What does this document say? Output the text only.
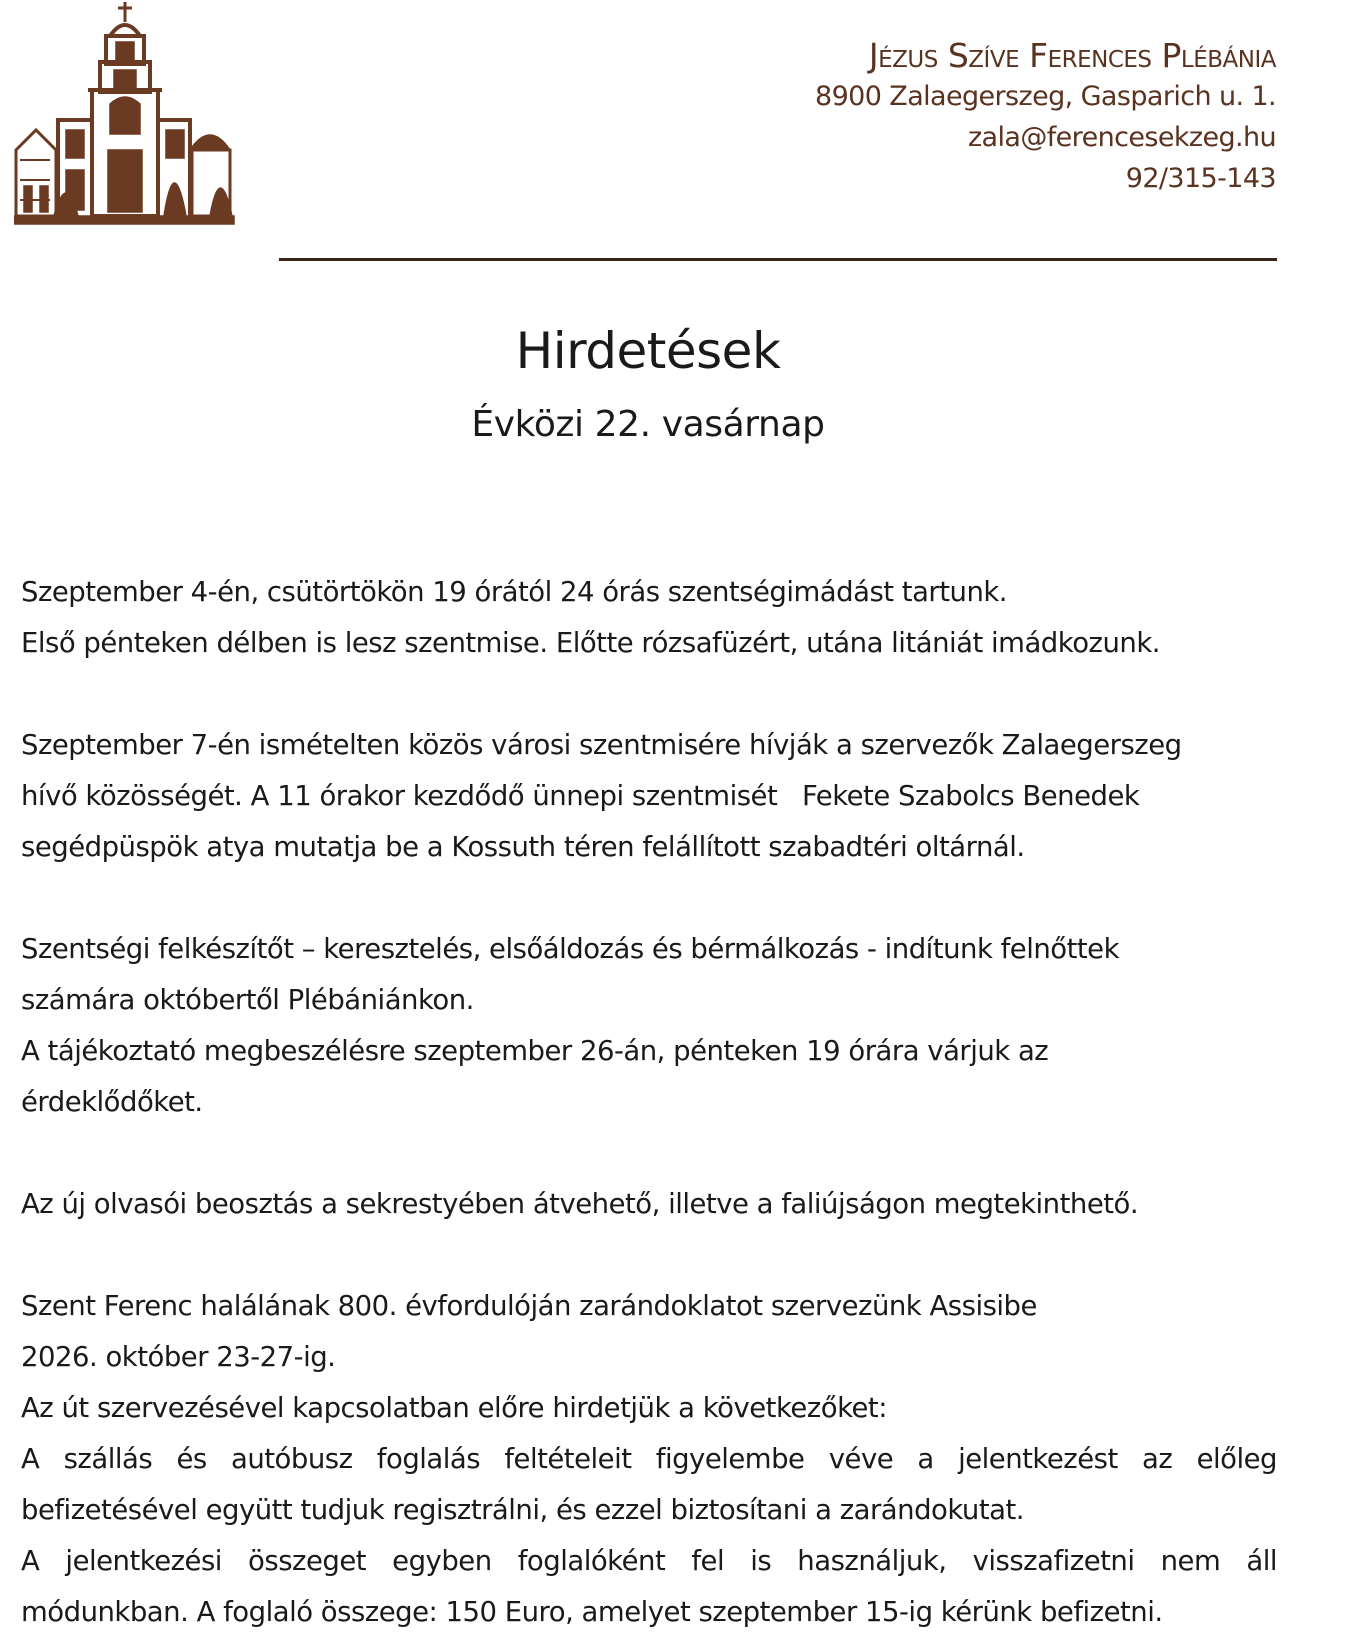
Jézus Szíve Ferences Plébánia
8900 Zalaegerszeg, Gasparich u. 1.
zala@ferencesekzeg.hu
92/315-143
Hirdetések
Évközi 22. vasárnap

Szeptember 4-én, csütörtökön 19 órától 24 órás szentségimádást tartunk.

Első pénteken délben is lesz szentmise. Előtte rózsafüzért, utána litániát imádkozunk.

Szeptember 7-én ismételten közös városi szentmisére hívják a szervezők Zalaegerszeg

hívő közösségét. A 11 órakor kezdődő ünnepi szentmisét   Fekete Szabolcs Benedek

segédpüspök atya mutatja be a Kossuth téren felállított szabadtéri oltárnál.

Szentségi felkészítőt – keresztelés, elsőáldozás és bérmálkozás - indítunk felnőttek

számára októbertől Plébániánkon.

A tájékoztató megbeszélésre szeptember 26-án, pénteken 19 órára várjuk az

érdeklődőket.

Az új olvasói beosztás a sekrestyében átvehető, illetve a faliújságon megtekinthető.

Szent Ferenc halálának 800. évfordulóján zarándoklatot szervezünk Assisibe

2026. október 23-27-ig.

Az út szervezésével kapcsolatban előre hirdetjük a következőket:

A szállás és autóbusz foglalás feltételeit figyelembe véve a jelentkezést az előleg

befizetésével együtt tudjuk regisztrálni, és ezzel biztosítani a zarándokutat.

A jelentkezési összeget egyben foglalóként fel is használjuk, visszafizetni nem áll

módunkban. A foglaló összege: 150 Euro, amelyet szeptember 15-ig kérünk befizetni.
